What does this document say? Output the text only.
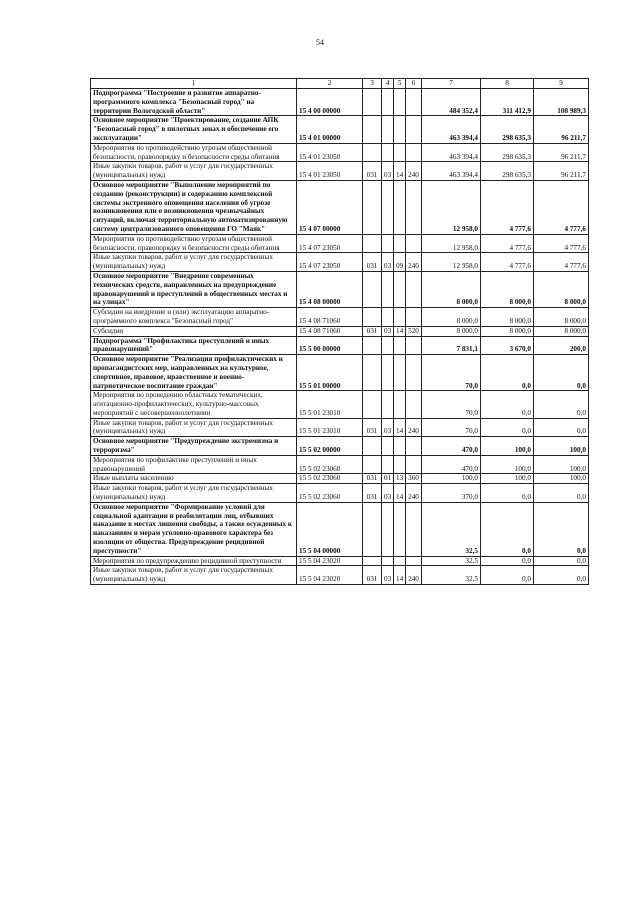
54
1	2	3	4	5	6	7	8	9
Подпрограмма "Построение и развитие аппаратно-программного комплекса "Безопасный город" на территории Вологодской области"	15 4 00 00000					484 352,4	311 412,9	108 989,3
Основное мероприятие "Проектирование, создание АПК "Безопасный город" в пилотных зонах и обеспечение его эксплуатации"	15 4 01 00000					463 394,4	298 635,3	96 211,7
Мероприятия по противодействию угрозам общественной безопасности, правопорядку и безопасности среды обитания	15 4 01 23050					463 394,4	298 635,3	96 211,7
Иные закупки товаров, работ и услуг для государственных (муниципальных) нужд	15 4 01 23050	031	03	14	240	463 394,4	298 635,3	96 211,7
Основное мероприятие "Выполнение мероприятий по созданию (реконструкции) и содержанию комплексной системы экстренного оповещения населения об угрозе возникновения или о возникновении чрезвычайных ситуаций, включая территориальную автоматизированную систему централизованного оповещения ГО "Маяк"	15 4 07 00000					12 958,0	4 777,6	4 777,6
Мероприятия по противодействию угрозам общественной безопасности, правопорядку и безопасности среды обитания	15 4 07 23050					12 958,0	4 777,6	4 777,6
Иные закупки товаров, работ и услуг для государственных (муниципальных) нужд	15 4 07 23050	031	03	09	240	12 958,0	4 777,6	4 777,6
Основное мероприятие "Внедрение современных технических средств, направленных на предупреждение правонарушений и преступлений в общественных местах и на улицах"	15 4 08 00000					8 000,0	8 000,0	8 000,0
Субсидии на внедрение и (или) эксплуатацию аппаратно-программного комплекса "Безопасный город"	15 4 08 71060					8 000,0	8 000,0	8 000,0
Субсидии	15 4 08 71060	031	03	14	520	8 000,0	8 000,0	8 000,0
Подпрограмма "Профилактика преступлений и иных правонарушений"	15 5 00 00000					7 831,1	3 670,0	200,0
Основное мероприятие "Реализация профилактических и пропагандистских мер, направленных на культурное, спортивное, правовое, нравственное и военно-патриотическое воспитание граждан"	15 5 01 00000					70,0	0,0	0,0
Мероприятия по проведению областных тематических, агитационно-профилактических, культурно-массовых мероприятий с несовершеннолетними	15 5 01 23010					70,0	0,0	0,0
Иные закупки товаров, работ и услуг для государственных (муниципальных) нужд	15 5 01 23010	031	03	14	240	70,0	0,0	0,0
Основное мероприятие "Предупреждение экстремизма и терроризма"	15 5 02 00000					470,0	100,0	100,0
Мероприятия по профилактике преступлений и иных правонарушений	15 5 02 23060					470,0	100,0	100,0
Иные выплаты населению	15 5 02 23060	031	01	13	360	100,0	100,0	100,0
Иные закупки товаров, работ и услуг для государственных (муниципальных) нужд	15 5 02 23060	031	03	14	240	370,0	0,0	0,0
Основное мероприятие "Формирование условий для социальной адаптации и реабилитации лиц, отбывших наказание в местах лишения свободы, а также осужденных к наказаниям и мерам уголовно-правового характера без изоляции от общества. Предупреждение рецидивной преступности"	15 5 04 00000					32,5	0,0	0,0
Мероприятия по предупреждению рецидивной преступности	15 5 04 23020					32,5	0,0	0,0
Иные закупки товаров, работ и услуг для государственных (муниципальных) нужд	15 5 04 23020	031	03	14	240	32,5	0,0	0,0
